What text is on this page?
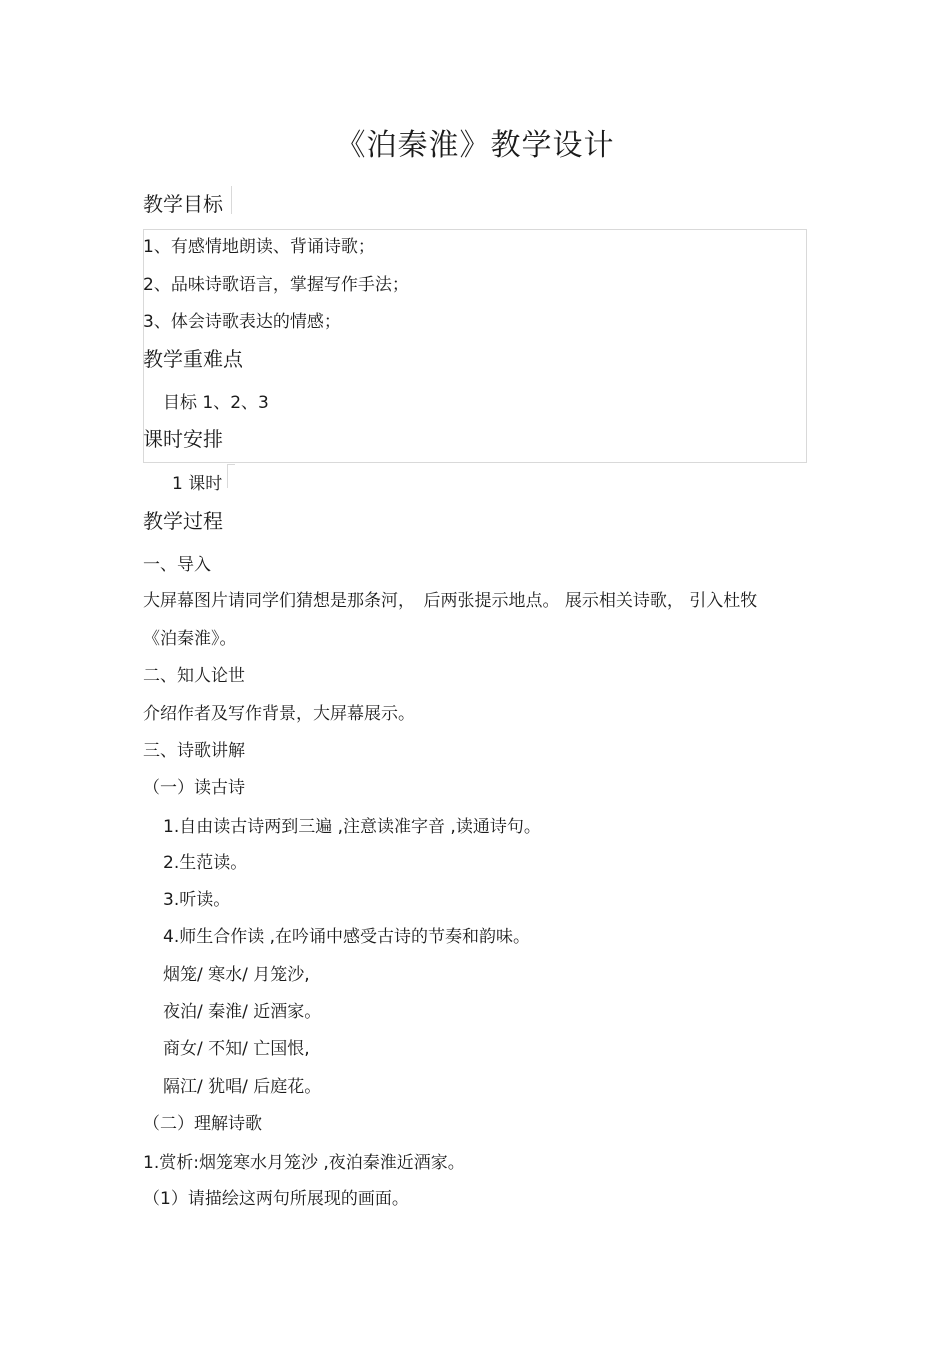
《泊秦淮》教学设计
教学目标
1、有感情地朗读、背诵诗歌；
2、品味诗歌语言，掌握写作手法；
3、体会诗歌表达的情感；
教学重难点
目标 1、2、3
课时安排
1 课时
教学过程
一、导入
大屏幕图片请同学们猜想是那条河，　后两张提示地点。 展示相关诗歌， 引入杜牧
《泊秦淮》。
二、知人论世
介绍作者及写作背景，大屏幕展示。
三、诗歌讲解
（一）读古诗
1.自由读古诗两到三遍 ,注意读准字音 ,读通诗句。
2.生范读。
3.听读。
4.师生合作读 ,在吟诵中感受古诗的节奏和韵味。
烟笼/ 寒水/ 月笼沙,
夜泊/ 秦淮/ 近酒家。
商女/ 不知/ 亡国恨,
隔江/ 犹唱/ 后庭花。
（二）理解诗歌
1.赏析:烟笼寒水月笼沙 ,夜泊秦淮近酒家。
（1）请描绘这两句所展现的画面。
